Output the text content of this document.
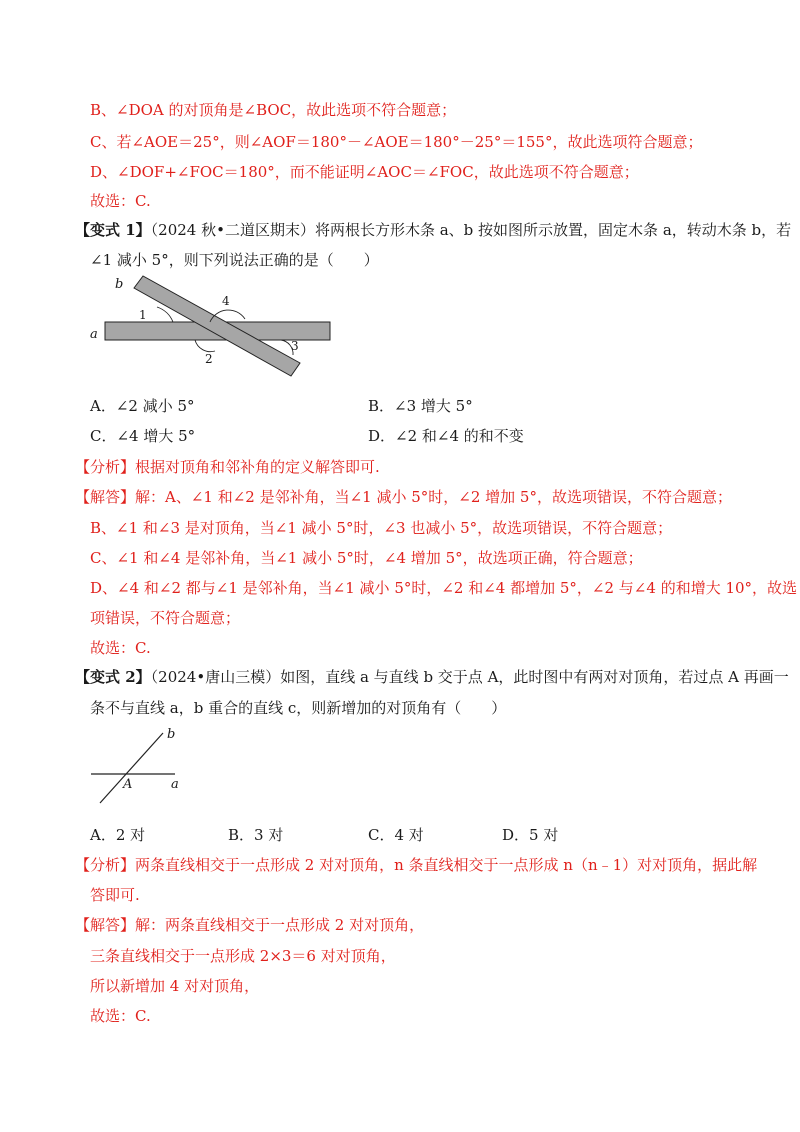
B、∠DOA 的对顶角是∠BOC，故此选项不符合题意；
C、若∠AOE＝25°，则∠AOF＝180°－∠AOE＝180°－25°＝155°，故此选项符合题意；
D、∠DOF+∠FOC＝180°，而不能证明∠AOC＝∠FOC，故此选项不符合题意；
故选：C.
【变式 1】（2024 秋•二道区期末）将两根长方形木条 a、b 按如图所示放置，固定木条 a，转动木条 b，若
∠1 减小 5°，则下列说法正确的是（　　）
b
a
1
4
2
3
A．∠2 减小 5°	B．∠3 增大 5°
C．∠4 增大 5°	D．∠2 和∠4 的和不变
【分析】根据对顶角和邻补角的定义解答即可.
【解答】解：A、∠1 和∠2 是邻补角，当∠1 减小 5°时，∠2 增加 5°，故选项错误，不符合题意；
B、∠1 和∠3 是对顶角，当∠1 减小 5°时，∠3 也减小 5°，故选项错误，不符合题意；
C、∠1 和∠4 是邻补角，当∠1 减小 5°时，∠4 增加 5°，故选项正确，符合题意；
D、∠4 和∠2 都与∠1 是邻补角，当∠1 减小 5°时，∠2 和∠4 都增加 5°，∠2 与∠4 的和增大 10°，故选
项错误，不符合题意；
故选：C.
【变式 2】（2024•唐山三模）如图，直线 a 与直线 b 交于点 A，此时图中有两对对顶角，若过点 A 再画一
条不与直线 a，b 重合的直线 c，则新增加的对顶角有（　　）
b
a
A
A．2 对	B．3 对	C．4 对	D．5 对
【分析】两条直线相交于一点形成 2 对对顶角，n 条直线相交于一点形成 n（n﹣1）对对顶角，据此解
答即可.
【解答】解：两条直线相交于一点形成 2 对对顶角，
三条直线相交于一点形成 2×3＝6 对对顶角，
所以新增加 4 对对顶角，
故选：C.
